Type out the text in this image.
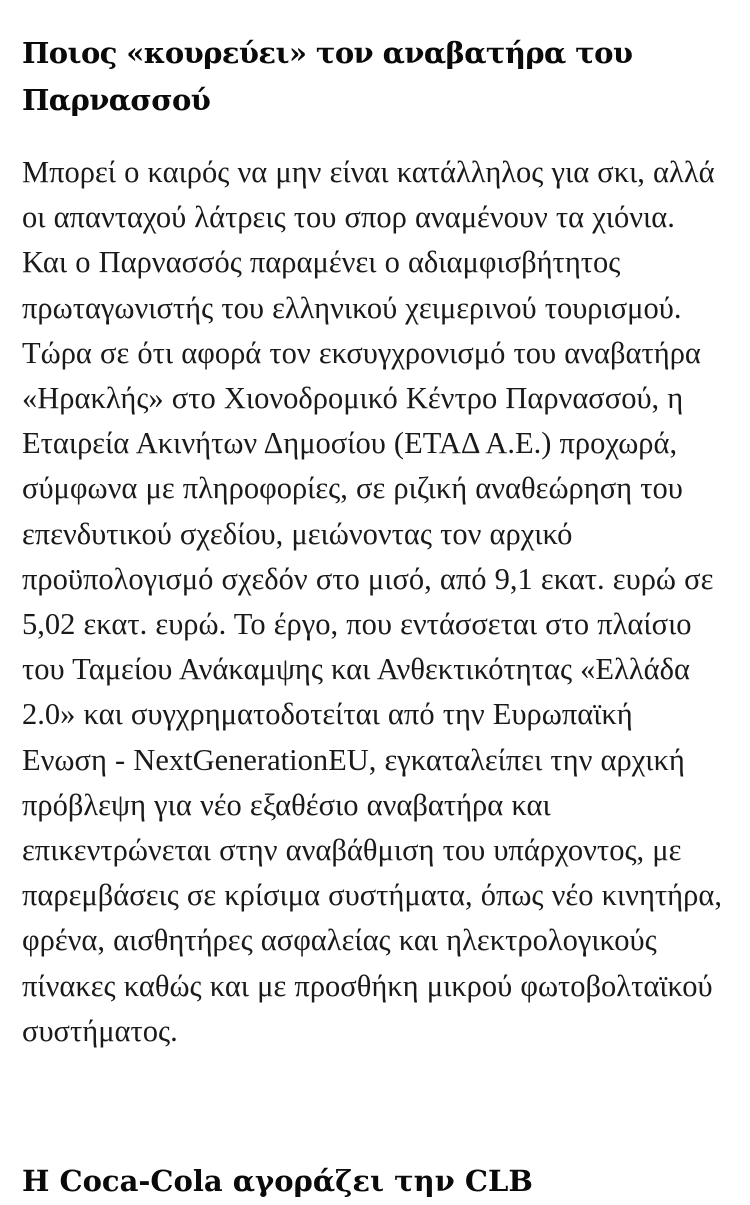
Ποιος «κουρεύει» τον αναβατήρα του Παρνασσού

Μπορεί ο καιρός να μην είναι κατάλληλος για σκι, αλλά οι απανταχού λάτρεις του σπορ αναμένουν τα χιόνια. Και ο Παρνασσός παραμένει ο αδιαμφισβήτητος πρωταγωνιστής του ελληνικού χειμερινού τουρισμού. Τώρα σε ότι αφορά τον εκσυγχρονισμό του αναβατήρα «Ηρακλής» στο Χιονοδρομικό Κέντρο Παρνασσού, η Εταιρεία Ακινήτων Δημοσίου (ΕΤΑΔ Α.Ε.) προχωρά, σύμφωνα με πληροφορίες, σε ριζική αναθεώρηση του επενδυτικού σχεδίου, μειώνοντας τον αρχικό προϋπολογισμό σχεδόν στο μισό, από 9,1 εκατ. ευρώ σε 5,02 εκατ. ευρώ. Το έργο, που εντάσσεται στο πλαίσιο του Ταμείου Ανάκαμψης και Ανθεκτικότητας «Ελλάδα 2.0» και συγχρηματοδοτείται από την Ευρωπαϊκή Ενωση - NextGenerationEU, εγκαταλείπει την αρχική πρόβλεψη για νέο εξαθέσιο αναβατήρα και επικεντρώνεται στην αναβάθμιση του υπάρχοντος, με παρεμβάσεις σε κρίσιμα συστήματα, όπως νέο κινητήρα, φρένα, αισθητήρες ασφαλείας και ηλεκτρολογικούς πίνακες καθώς και με προσθήκη μικρού φωτοβολταϊκού συστήματος.

Η Coca-Cola αγοράζει την CLB
